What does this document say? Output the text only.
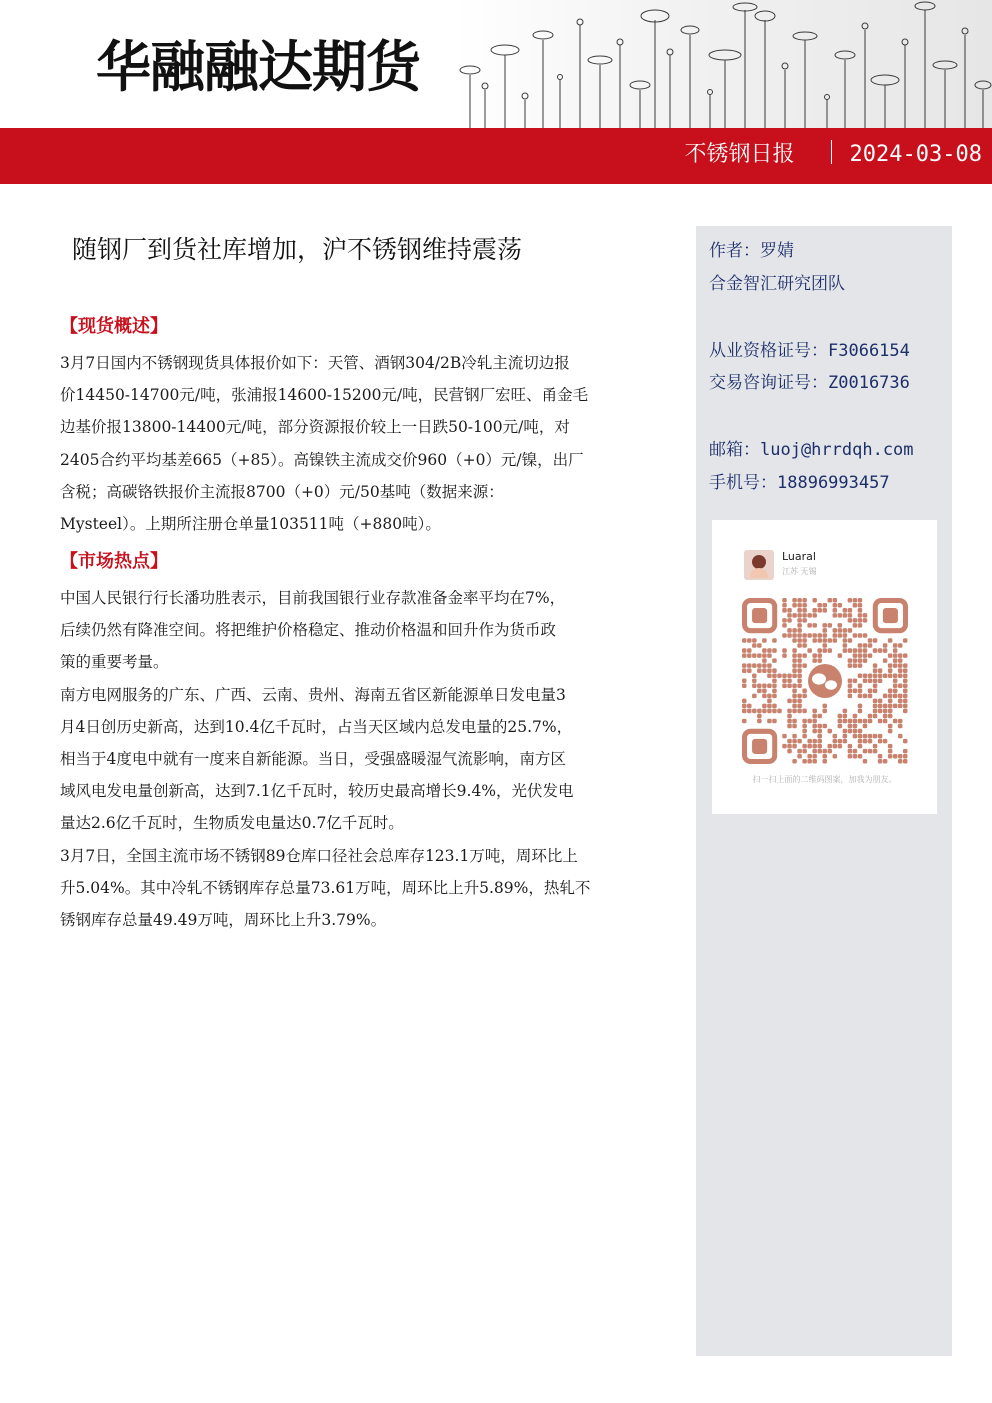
华融融达期货
不锈钢日报	2024-03-08
作者：罗婧
合金智汇研究团队
从业资格证号：F3066154
交易咨询证号：Z0016736
邮箱：luoj@hrrdqh.com
手机号：18896993457
Luaral
江苏 无锡
扫一扫上面的二维码图案，加我为朋友。
随钢厂到货社库增加，沪不锈钢维持震荡
【现货概述】
3月7日国内不锈钢现货具体报价如下：天管、酒钢304/2B冷轧主流切边报
价14450-14700元/吨，张浦报14600-15200元/吨，民营钢厂宏旺、甬金毛
边基价报13800-14400元/吨，部分资源报价较上一日跌50-100元/吨，对
2405合约平均基差665（+85）。高镍铁主流成交价960（+0）元/镍，出厂
含税；高碳铬铁报价主流报8700（+0）元/50基吨（数据来源：
Mysteel）。上期所注册仓单量103511吨（+880吨）。
【市场热点】
中国人民银行行长潘功胜表示，目前我国银行业存款准备金率平均在7%，
后续仍然有降准空间。将把维护价格稳定、推动价格温和回升作为货币政
策的重要考量。
南方电网服务的广东、广西、云南、贵州、海南五省区新能源单日发电量3
月4日创历史新高，达到10.4亿千瓦时，占当天区域内总发电量的25.7%，
相当于4度电中就有一度来自新能源。当日，受强盛暖湿气流影响，南方区
域风电发电量创新高，达到7.1亿千瓦时，较历史最高增长9.4%，光伏发电
量达2.6亿千瓦时，生物质发电量达0.7亿千瓦时。
3月7日，全国主流市场不锈钢89仓库口径社会总库存123.1万吨，周环比上
升5.04%。其中冷轧不锈钢库存总量73.61万吨，周环比上升5.89%，热轧不
锈钢库存总量49.49万吨，周环比上升3.79%。
